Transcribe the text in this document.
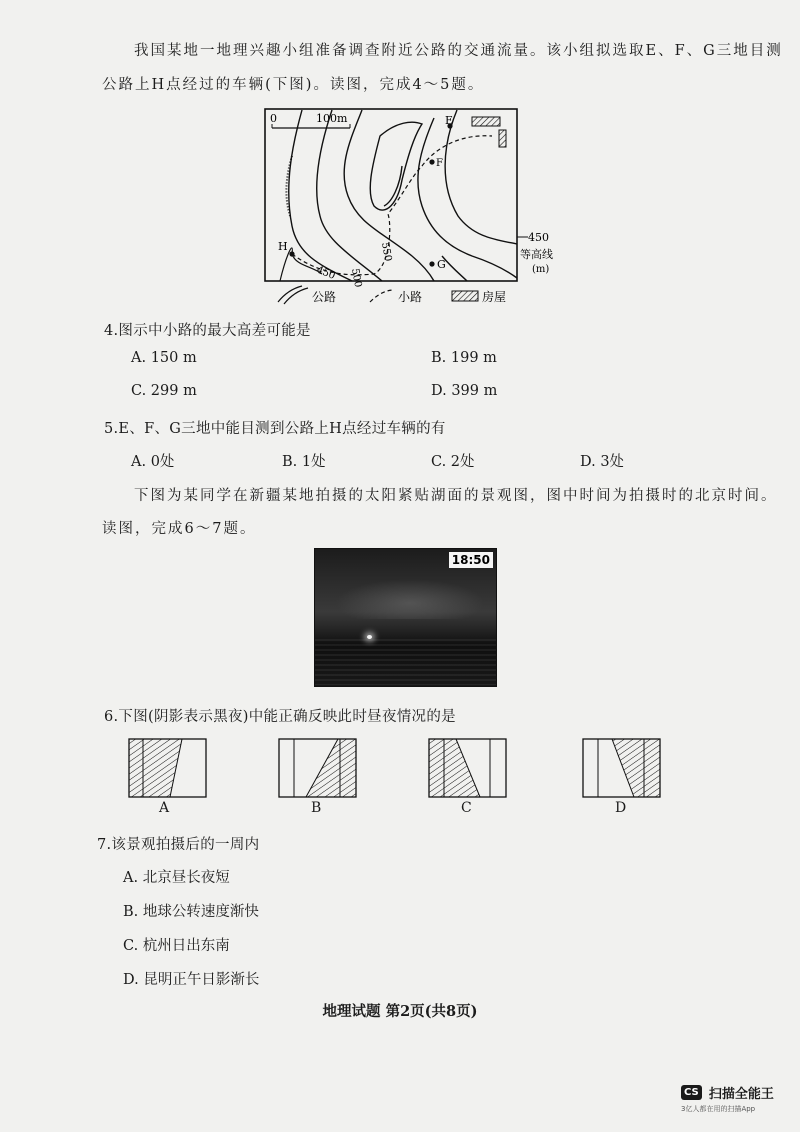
我国某地一地理兴趣小组准备调查附近公路的交通流量。该小组拟选取E、F、G三地目测
公路上H点经过的车辆(下图)。读图，完成4～5题。
0	100m	E
F
G
H
450 500
550
450
等高线
(m)
公路	小路	房屋
4.图示中小路的最大高差可能是
A. 150 m	B. 199 m
C. 299 m	D. 399 m
5.E、F、G三地中能目测到公路上H点经过车辆的有
A. 0处	B. 1处	C. 2处	D. 3处
下图为某同学在新疆某地拍摄的太阳紧贴湖面的景观图，图中时间为拍摄时的北京时间。
读图，完成6～7题。
18:50
6.下图(阴影表示黑夜)中能正确反映此时昼夜情况的是
A	B	C	D
7.该景观拍摄后的一周内
A. 北京昼长夜短
B. 地球公转速度渐快
C. 杭州日出东南
D. 昆明正午日影渐长
地理试题 第2页(共8页)
CS 扫描全能王
3亿人都在用的扫描App
